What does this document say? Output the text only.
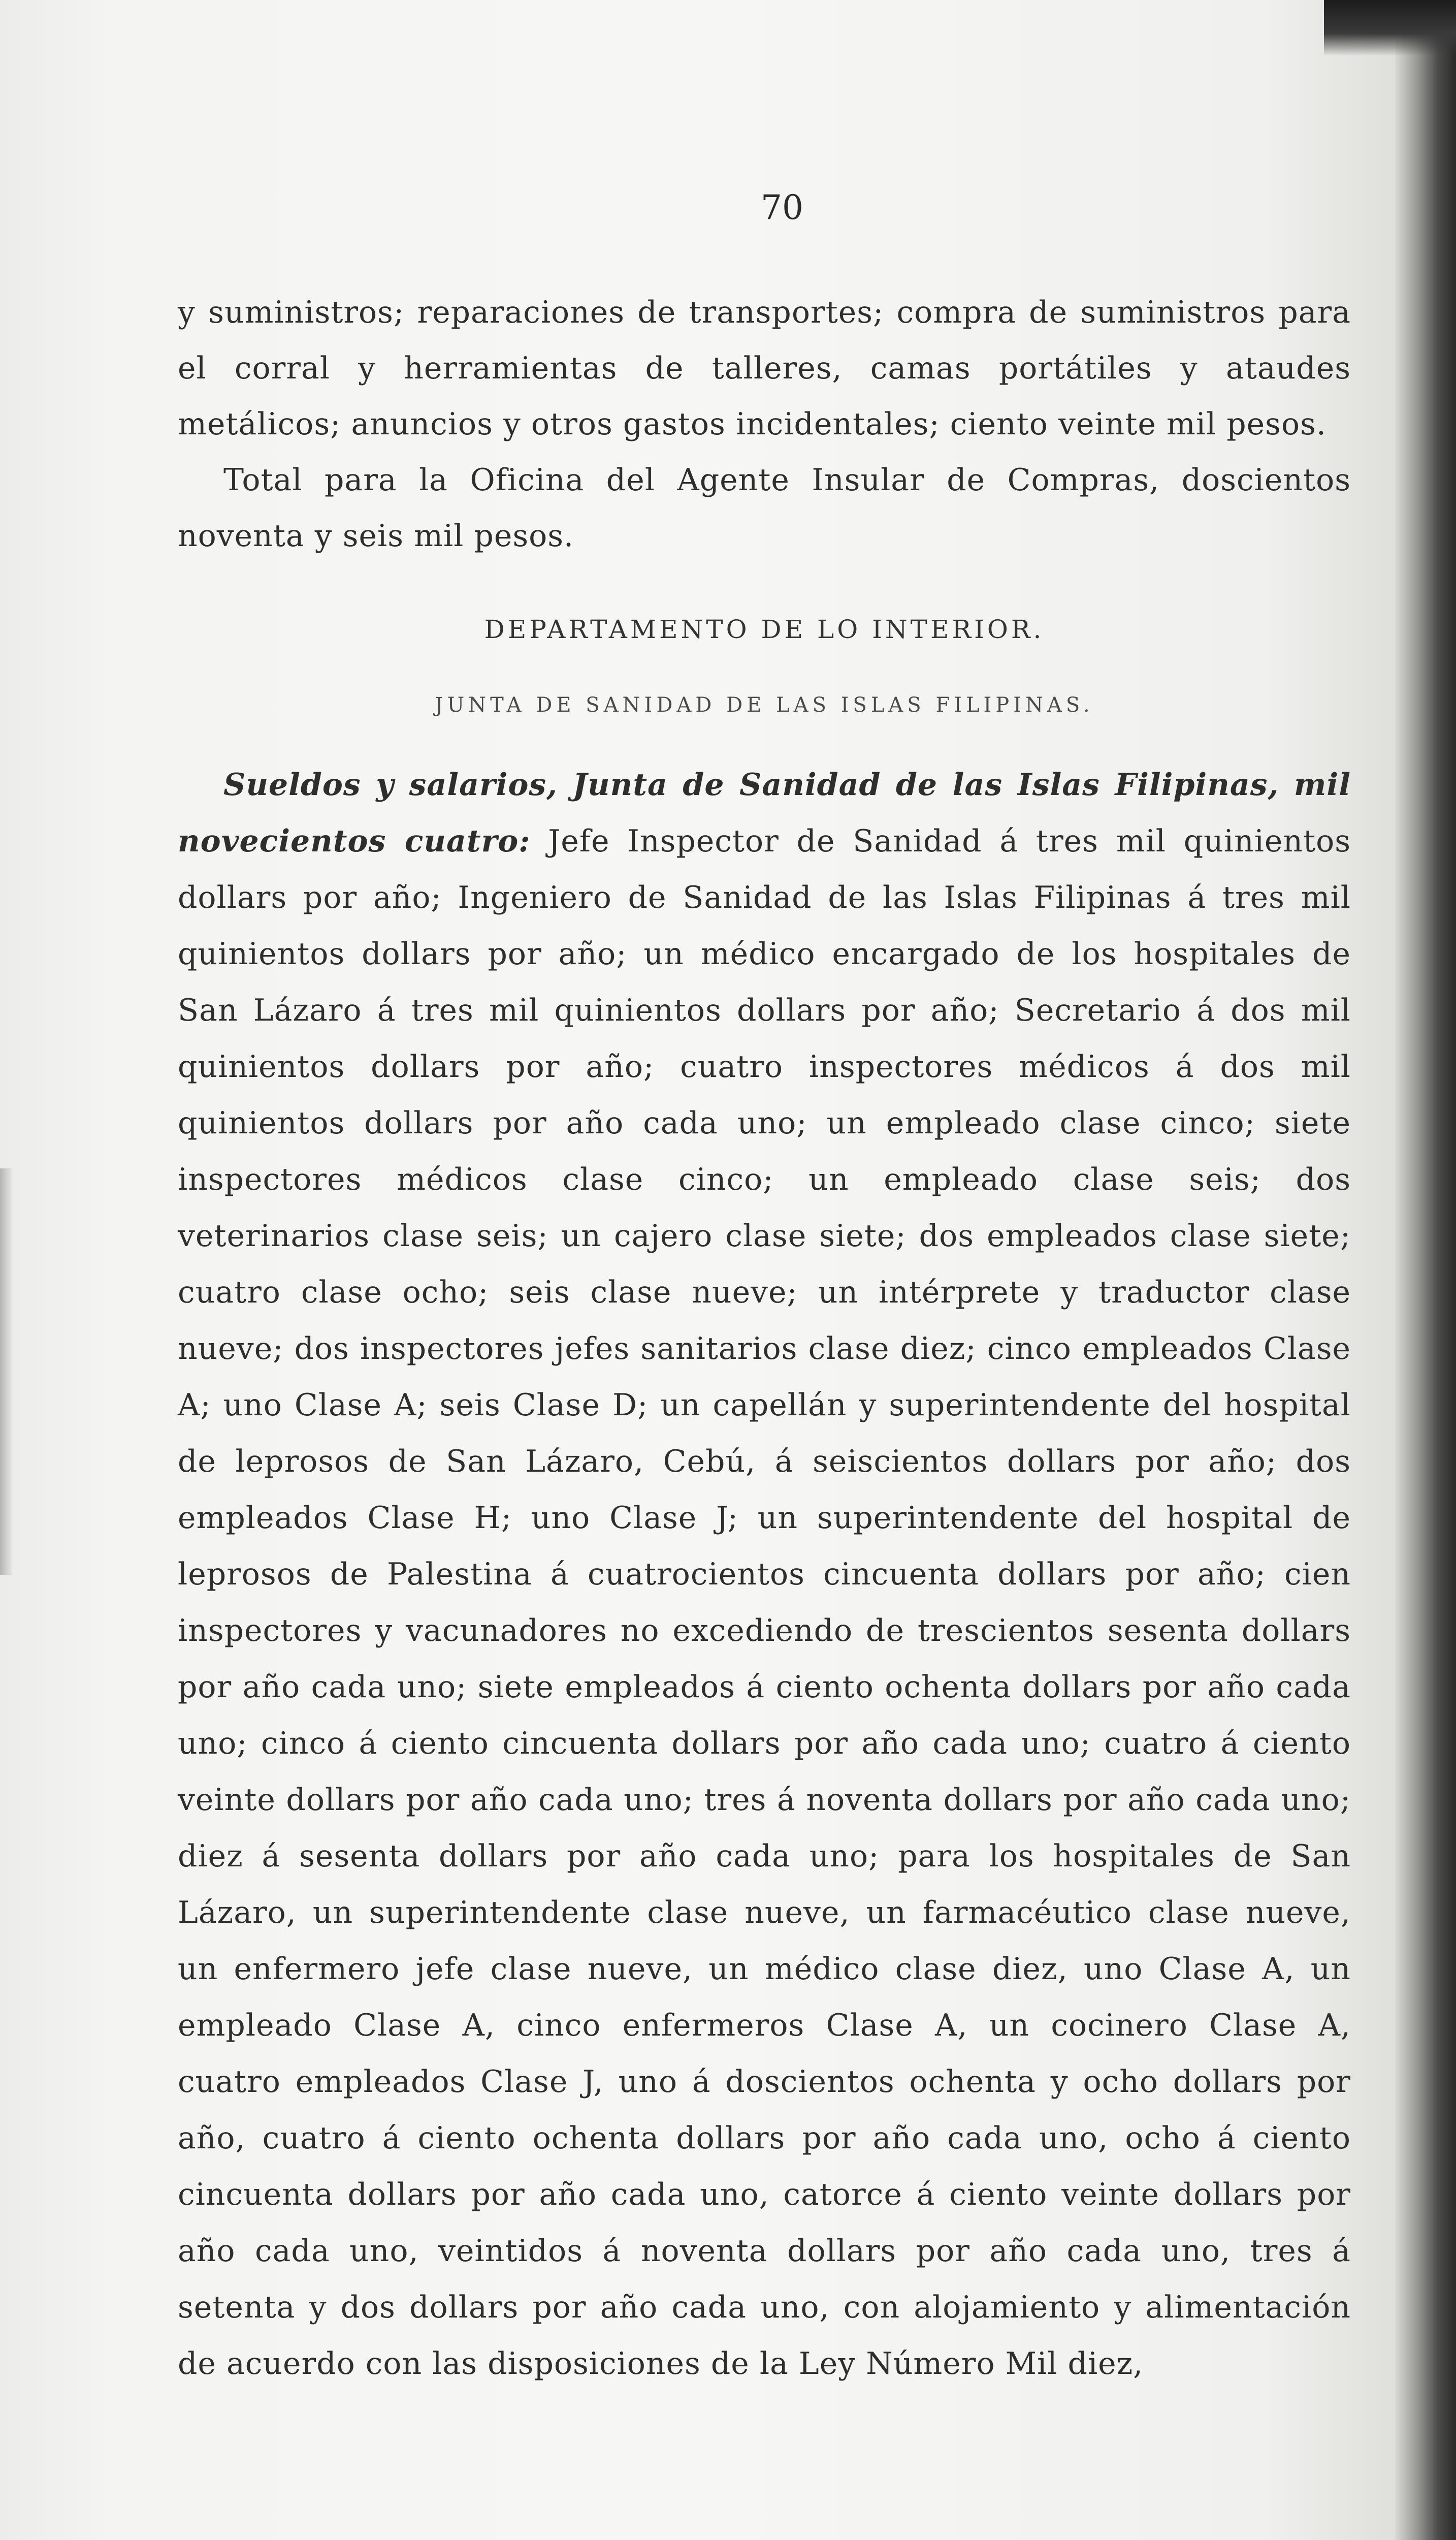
70

y suministros; reparaciones de transportes; compra de suministros para el corral y herramientas de talleres, camas portátiles y ataudes metálicos; anuncios y otros gastos incidentales; ciento veinte mil pesos.

Total para la Oficina del Agente Insular de Compras, doscientos noventa y seis mil pesos.

DEPARTAMENTO DE LO INTERIOR.
JUNTA DE SANIDAD DE LAS ISLAS FILIPINAS.

Sueldos y salarios, Junta de Sanidad de las Islas Filipinas, mil novecientos cuatro: Jefe Inspector de Sanidad á tres mil quinientos dollars por año; Ingeniero de Sanidad de las Islas Filipinas á tres mil quinientos dollars por año; un médico encargado de los hospitales de San Lázaro á tres mil quinientos dollars por año; Secretario á dos mil quinientos dollars por año; cuatro inspectores médicos á dos mil quinientos dollars por año cada uno; un empleado clase cinco; siete inspectores médicos clase cinco; un empleado clase seis; dos veterinarios clase seis; un cajero clase siete; dos empleados clase siete; cuatro clase ocho; seis clase nueve; un intérprete y traductor clase nueve; dos inspectores jefes sanitarios clase diez; cinco empleados Clase A; uno Clase A; seis Clase D; un capellán y superintendente del hospital de leprosos de San Lázaro, Cebú, á seiscientos dollars por año; dos empleados Clase H; uno Clase J; un superintendente del hospital de leprosos de Palestina á cuatrocientos cincuenta dollars por año; cien inspectores y vacunadores no excediendo de trescientos sesenta dollars por año cada uno; siete empleados á ciento ochenta dollars por año cada uno; cinco á ciento cincuenta dollars por año cada uno; cuatro á ciento veinte dollars por año cada uno; tres á noventa dollars por año cada uno; diez á sesenta dollars por año cada uno; para los hospitales de San Lázaro, un superintendente clase nueve, un farmacéutico clase nueve, un enfermero jefe clase nueve, un médico clase diez, uno Clase A, un empleado Clase A, cinco enfermeros Clase A, un cocinero Clase A, cuatro empleados Clase J, uno á doscientos ochenta y ocho dollars por año, cuatro á ciento ochenta dollars por año cada uno, ocho á ciento cincuenta dollars por año cada uno, catorce á ciento veinte dollars por año cada uno, veintidos á noventa dollars por año cada uno, tres á setenta y dos dollars por año cada uno, con alojamiento y alimentación de acuerdo con las disposiciones de la Ley Número Mil diez,
